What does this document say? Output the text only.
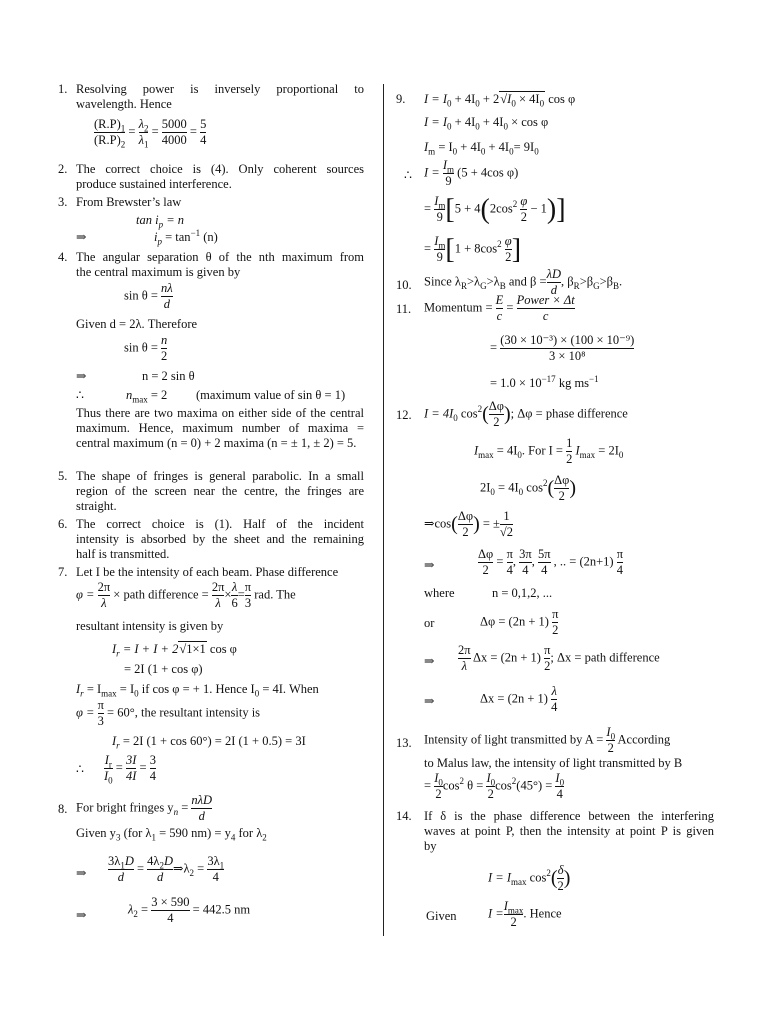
1. Resolving power is inversely proportional to
wavelength. Hence
$\frac{(R.P)_1}{(R.P)_2} = \frac{\lambda_2}{\lambda_1} = \frac{5000}{4000} = \frac{5}{4}$
2. The correct choice is (4). Only coherent sources
produce sustained interference.
3. From Brewster’s law
$\tan i_p = n$
⇒	$i_p = \tan^{-1} (n)$
4. The angular separation θ of the nth maximum from
the central maximum is given by
$\sin \theta = \frac{n\lambda}{d}$
Given d = 2λ. Therefore
$\sin \theta = \frac{n}{2}$
⇒	n = 2 sin θ
∴	$n_{max} = 2$ (maximum value of sin θ = 1)
Thus there are two maxima on either side of the central
maximum. Hence, maximum number of maxima =
central maximum (n = 0) + 2 maxima (n = ± 1, ± 2) = 5.
5. The shape of fringes is general parabolic. In a small
region of the screen near the centre, the fringes are
straight.
6. The correct choice is (1). Half of the incident
intensity is absorbed by the sheet and the remaining
half is transmitted.
7. Let I be the intensity of each beam. Phase difference
$\varphi = \frac{2\pi}{\lambda}$ × path difference = $\frac{2\pi}{\lambda} \times \frac{\lambda}{6} = \frac{\pi}{3}$ rad. The
resultant intensity is given by
$I_r = I + I + 2√1\times 1$ cos φ
= 2I (1 + cos φ)
$I_r = I_{max} = I_0$ if cos φ = + 1. Hence $I_0 = 4I$. When
$\varphi = \frac{\pi}{3} = 60^\circ$, the resultant intensity is
$I_r = 2I$ (1 + cos 60°) = 2I (1 + 0.5) = 3I
∴ $\frac{I_r}{I_0} = \frac{3I}{4I} = \frac{3}{4}$
8. For bright fringes $y_n$ =
nλD
d
Given $y_3$ (for $\lambda_1 = 590$ $nm) = y_4$ for $\lambda_2$
⇒ $\frac{3\lambda_1D}{d} = \frac{4\lambda_2D}{d}$ $\Rightarrow\lambda_2 = \frac{3\lambda_1}{4}$
⇒	$\lambda_2 = \frac{3 \times 590}{4} = 442.5$ nm
9. $I = I_0 + 4I_0 + 2√I_0 \times 4I_0$ cos φ
$I = I_0 + 4I_0 + 4I_0 \times \cos \varphi$
$I_m = I_0 + 4I_0 + 4I_0= 9I_0$
∴ $I = \frac{I_m}{9} (5 + 4\cos$ φ)
= $\frac{I_m}{9} [5 + 4(2\cos^2 \frac{\varphi}{2} - 1)]$
= $\frac{I_m}{9} [1 + 8\cos^2 \frac{\varphi}{2}$ ]
10. Since $\lambda_R>\lambda_G>\lambda_B$ and $\beta = \frac{\lambda D}{d}$ , $\beta_R>\beta_G>\beta_B$.
11. Momentum = $\frac{E}{c}$ =
Power × Δt
c
= $\frac{\text{(30 × 10⁻³) × (100 × 10⁻⁹)}}{\text{3 × 10⁸}}$
= $1.0 \times 10^{-17}$ kg $ms^{-1}$
12. $I = 4I_0$ $\cos^2( \frac{\Delta\varphi}{2}$ ); Δφ = phase difference
$I_{max} = 4I_0$. For $I = \frac{1}{2} I_{max} = 2I_0$
$2I_0 = 4I_0$ $\cos^2( \frac{\Delta\varphi}{2}$ )
⇒cos( $\frac{\Delta\varphi}{2}$ ) = ± $\frac{1}{√2}$
⇒	$\frac{\Delta\varphi}{2} = \frac{\pi}{4}$ , $\frac{3\pi}{4}$ , $\frac{5\pi}{4}$ , .. = $(2n+1) \frac{\pi}{4}$
where	n = 0,1,2, ...
or	$\Delta\varphi = (2n + 1) \frac{\pi}{2}$
⇒ $\frac{2\pi}{\lambda}$ $\Delta x = (2n + 1) \frac{\pi}{2}$ ; Δx = path difference
⇒	$\Delta x = (2n + 1) \frac{\lambda}{4}$
13. Intensity of light transmitted by $A = \frac{I_0}{2}$ According
to Malus law, the intensity of light transmitted by B
= $\frac{I_0}{2} \cos^2 \theta = \frac{I_0}{2} \cos^2(45^\circ) = \frac{I_0}{4}$
14. If δ is the phase difference between the interfering
waves at point P, then the intensity at point P is given
by
$I = I_{max}$ $\cos^2( \frac{\delta}{2}$ )
Given	I =
$I_{max}$
2
. Hence
